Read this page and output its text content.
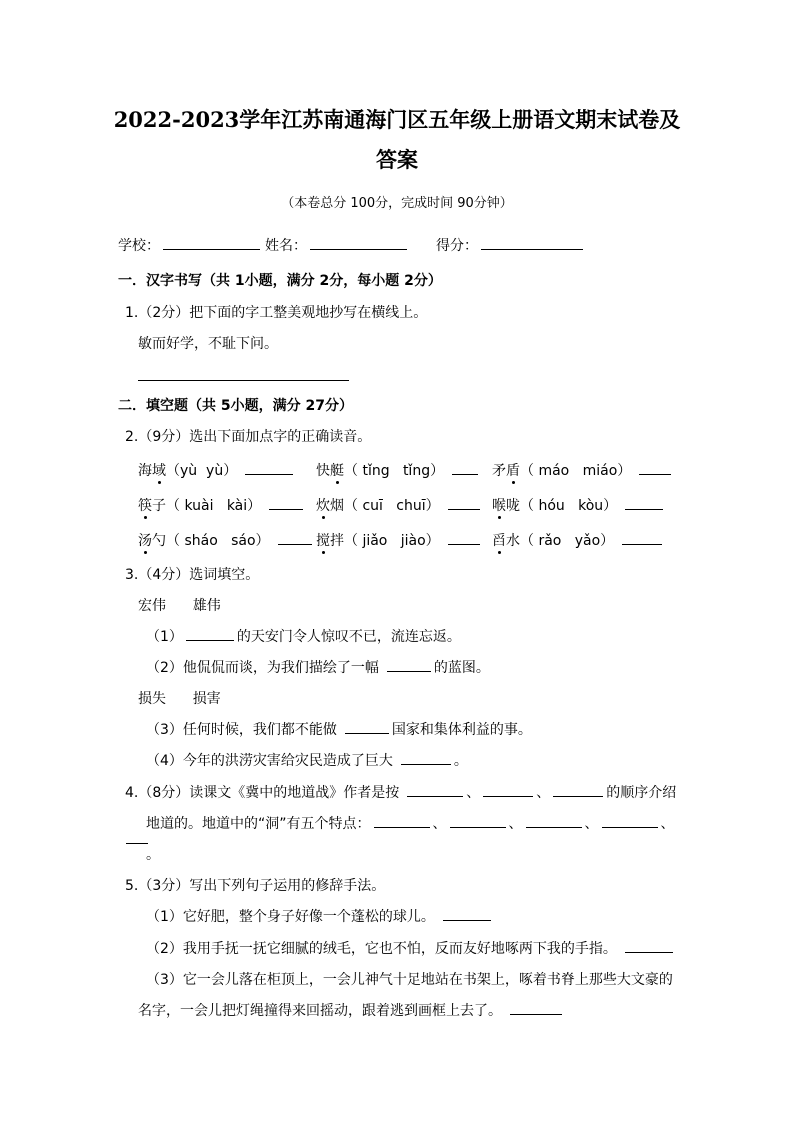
2022-2023学年江苏南通海门区五年级上册语文期末试卷及
答案
（本卷总分 100分，完成时间 90分钟）
学校：	姓名：	得分：
一．汉字书写（共 1小题，满分 2分，每小题 2分）
1.（2分）把下面的字工整美观地抄写在横线上。
敏而好学，不耻下问。
二．填空题（共 5小题，满分 27分）
2.（9分）选出下面加点字的正确读音。
海域（yù  yù）	快艇（ tǐng   tǐng）	矛盾（ máo   miáo）
筷子（ kuài   kài）	炊烟（ cuī   chuī）	喉咙（ hóu   kòu）
汤勺（ sháo   sáo）	搅拌（ jiǎo   jiào）	舀水（ rǎo   yǎo）
3.（4分）选词填空。
宏伟      雄伟
（1）	的天安门令人惊叹不已，流连忘返。
（2）他侃侃而谈，为我们描绘了一幅	的蓝图。
损失      损害
（3）任何时候，我们都不能做	国家和集体利益的事。
（4）今年的洪涝灾害给灾民造成了巨大	。
4.（8分）读课文《冀中的地道战》作者是按	、	、	的顺序介绍
地道的。地道中的“洞”有五个特点：	、	、	、	、
。
5.（3分）写出下列句子运用的修辞手法。
（1）它好肥，整个身子好像一个蓬松的球儿。
（2）我用手抚一抚它细腻的绒毛，它也不怕，反而友好地啄两下我的手指。
（3）它一会儿落在柜顶上，一会儿神气十足地站在书架上，啄着书脊上那些大文豪的
名字，一会儿把灯绳撞得来回摇动，跟着逃到画框上去了。
